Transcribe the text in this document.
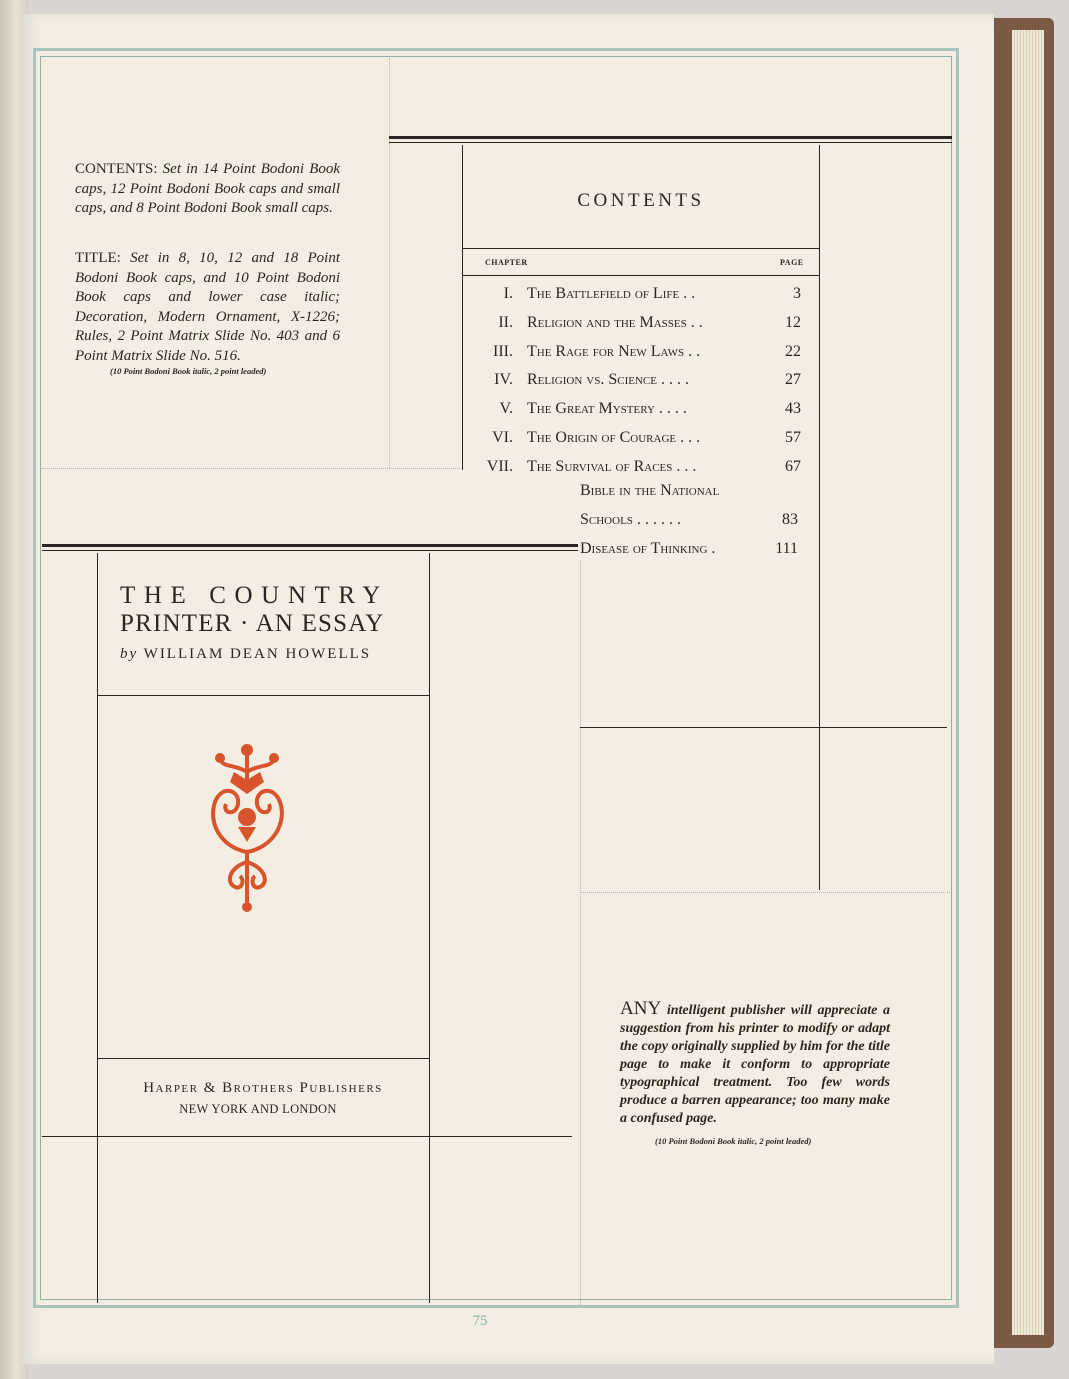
CONTENTS: Set in 14 Point Bodoni Book caps, 12 Point Bodoni Book caps and small caps, and 8 Point Bodoni Book small caps.
TITLE: Set in 8, 10, 12 and 18 Point Bodoni Book caps, and 10 Point Bodoni Book caps and lower case italic; Decoration, Modern Ornament, X-1226; Rules, 2 Point Matrix Slide No. 403 and 6 Point Matrix Slide No. 516.
(10 Point Bodoni Book italic, 2 point leaded)
CONTENTS
CHAPTER	PAGE
I. The Battlefield of Life . .	3
II. Religion and the Masses . .	12
III. The Rage for New Laws . .	22
IV. Religion vs. Science . . . .	27
V. The Great Mystery . . . .	43
VI. The Origin of Courage . . .	57
VII. The Survival of Races . . .	67
Bible in the National
Schools . . . . . .	83
Disease of Thinking .	111
THE COUNTRY
PRINTER · AN ESSAY
by WILLIAM DEAN HOWELLS
Harper & Brothers Publishers
NEW YORK AND LONDON
ANY intelligent publisher will appreciate a suggestion from his printer to modify or adapt the copy originally supplied by him for the title page to make it conform to appropriate typographical treatment. Too few words produce a barren appearance; too many make a confused page.
(10 Point Bodoni Book italic, 2 point leaded)
75
